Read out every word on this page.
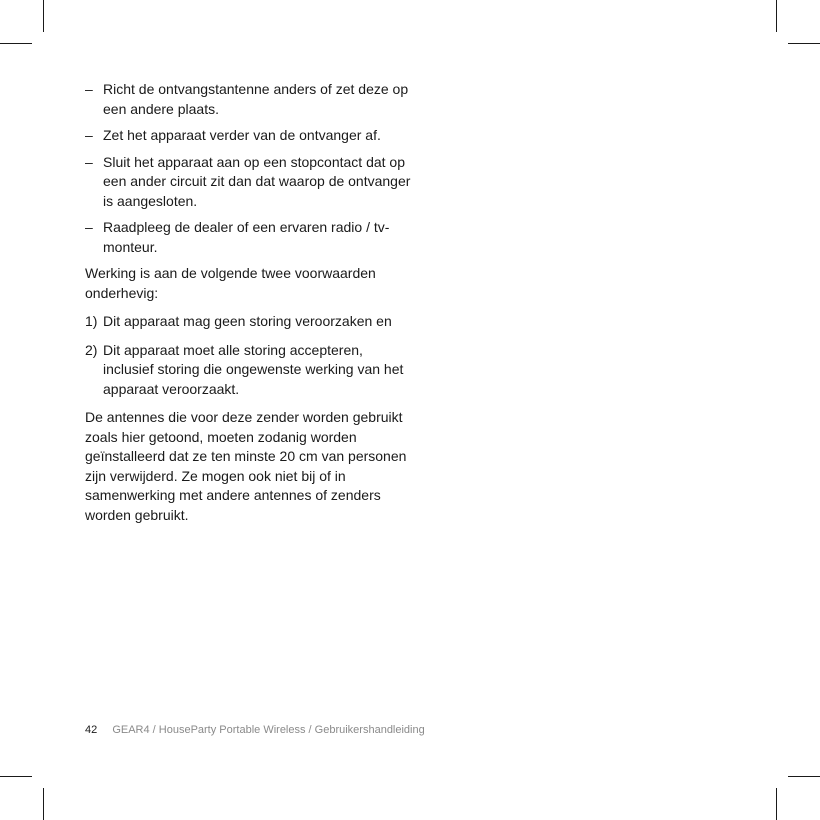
– Richt de ontvangstantenne anders of zet deze op een andere plaats.
– Zet het apparaat verder van de ontvanger af.
– Sluit het apparaat aan op een stopcontact dat op een ander circuit zit dan dat waarop de ontvanger is aangesloten.
– Raadpleeg de dealer of een ervaren radio / tv-monteur.

Werking is aan de volgende twee voorwaarden onderhevig:

1) Dit apparaat mag geen storing veroorzaken en
2) Dit apparaat moet alle storing accepteren, inclusief storing die ongewenste werking van het apparaat veroorzaakt.

De antennes die voor deze zender worden gebruikt zoals hier getoond, moeten zodanig worden geïnstalleerd dat ze ten minste 20 cm van personen zijn verwijderd. Ze mogen ook niet bij of in samenwerking met andere antennes of zenders worden gebruikt.

42 GEAR4 / HouseParty Portable Wireless / Gebruikershandleiding
